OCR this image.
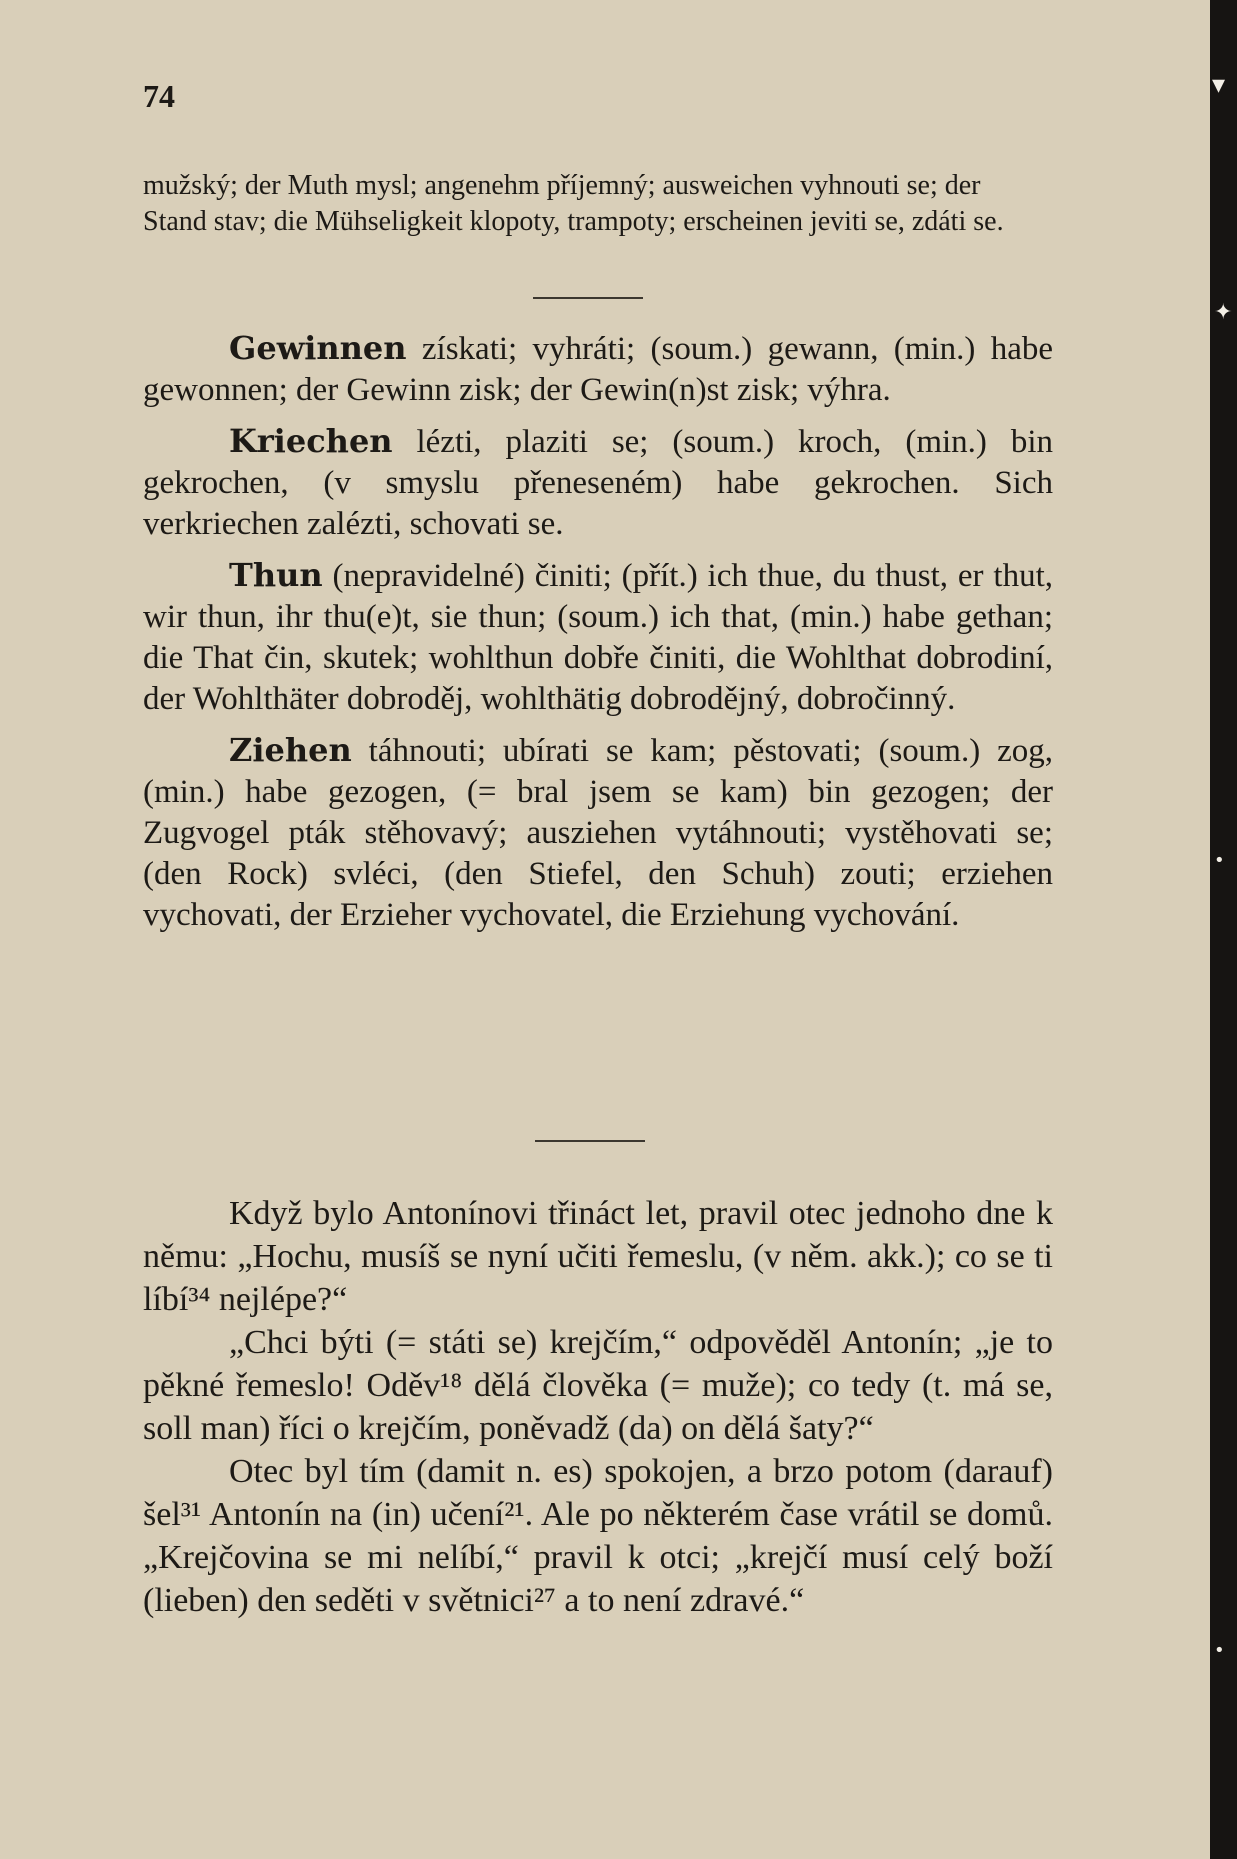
74
mužský; der Muth mysl; angenehm příjemný; ausweichen vyhnouti se; der Stand stav; die Mühseligkeit klopoty, trampoty; erscheinen jeviti se, zdáti se.

Gewinnen získati; vyhráti; (soum.) gewann, (min.) habe gewonnen; der Gewinn zisk; der Gewin(n)st zisk; výhra.

Kriechen lézti, plaziti se; (soum.) kroch, (min.) bin gekrochen, (v smyslu přeneseném) habe gekrochen. Sich verkriechen zalézti, schovati se.

Thun (nepravidelné) činiti; (přít.) ich thue, du thust, er thut, wir thun, ihr thu(e)t, sie thun; (soum.) ich that, (min.) habe gethan; die That čin, skutek; wohlthun dobře činiti, die Wohlthat dobrodiní, der Wohlthäter dobroděj, wohlthätig dobrodějný, dobročinný.

Ziehen táhnouti; ubírati se kam; pěstovati; (soum.) zog, (min.) habe gezogen, (= bral jsem se kam) bin gezogen; der Zugvogel pták stěhovavý; ausziehen vytáhnouti; vystěhovati se; (den Rock) svléci, (den Stiefel, den Schuh) zouti; erziehen vychovati, der Erzieher vychovatel, die Erziehung vychování.

Když bylo Antonínovi třináct let, pravil otec jednoho dne k němu: „Hochu, musíš se nyní učiti řemeslu, (v něm. akk.); co se ti líbí³⁴ nejlépe?“

„Chci býti (= státi se) krejčím,“ odpověděl Antonín; „je to pěkné řemeslo! Oděv¹⁸ dělá člověka (= muže); co tedy (t. má se, soll man) říci o krejčím, poněvadž (da) on dělá šaty?“

Otec byl tím (damit n. es) spokojen, a brzo potom (darauf) šel³¹ Antonín na (in) učení²¹. Ale po některém čase vrátil se domů. „Krejčovina se mi nelíbí,“ pravil k otci; „krejčí musí celý boží (lieben) den seděti v světnici²⁷ a to není zdravé.“

▾
✦
•
•
